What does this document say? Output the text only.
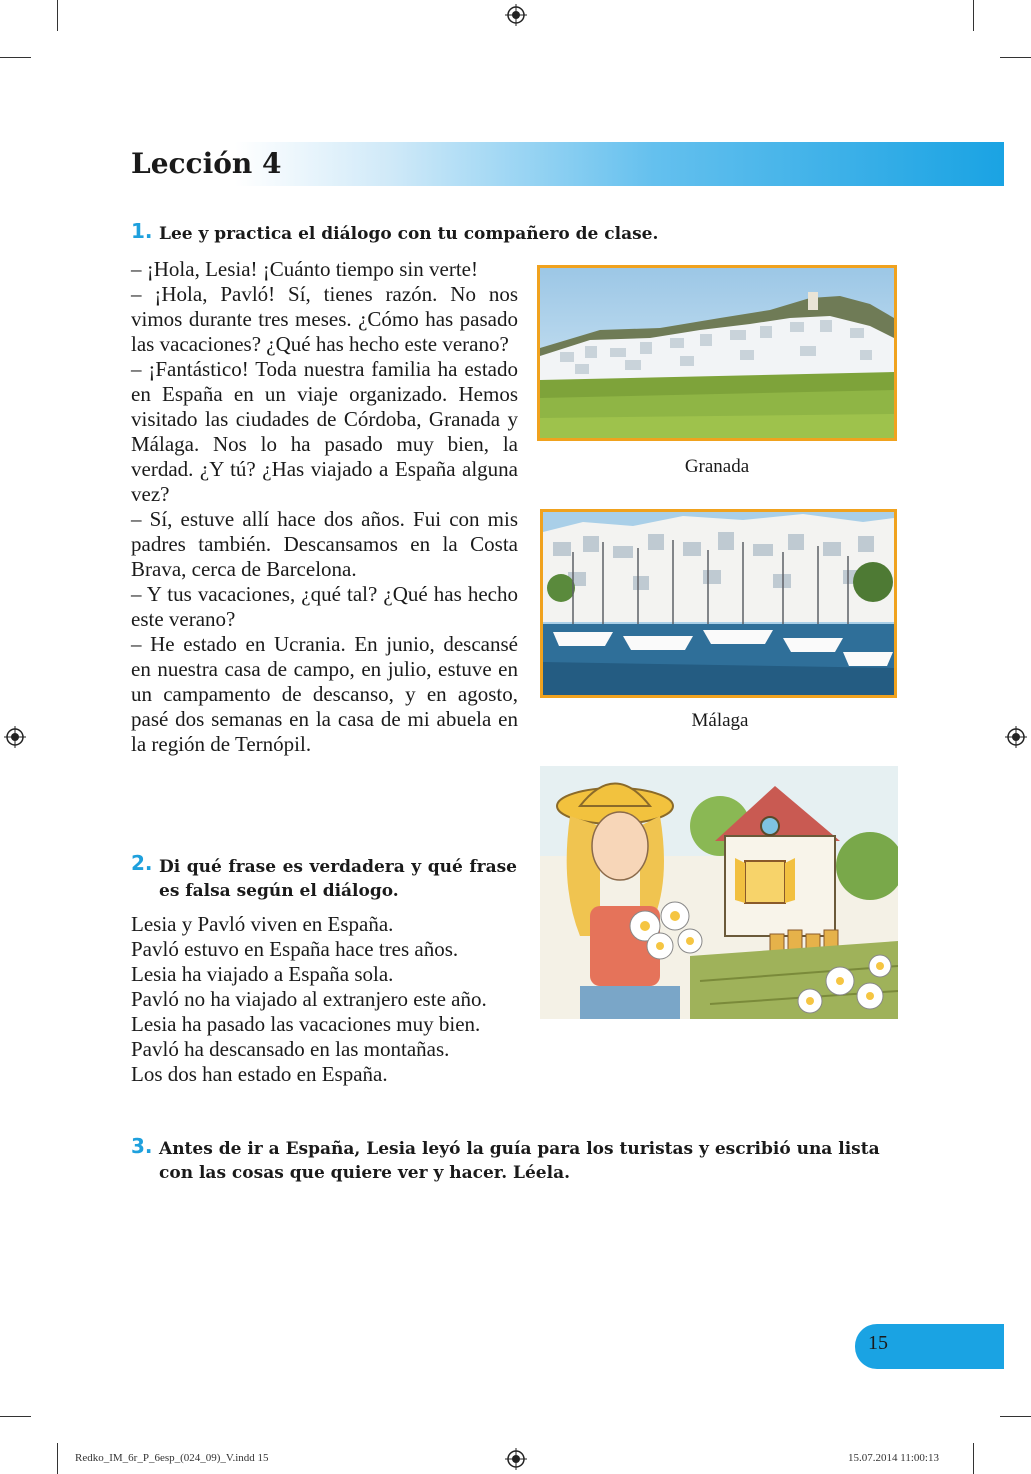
Lección 4
1. Lee y practica el diálogo con tu compañero de clase.

– ¡Hola, Lesia! ¡Cuánto tiempo sin verte!

– ¡Hola, Pavló! Sí, tienes razón. No nos vimos durante tres meses. ¿Cómo has pasado las vacaciones? ¿Qué has hecho este verano?

– ¡Fantástico! Toda nuestra familia ha estado en España en un viaje organizado. Hemos visitado las ciudades de Córdoba, Granada y Málaga. Nos lo ha pasado muy bien, la verdad. ¿Y tú? ¿Has viajado a España alguna vez?

– Sí, estuve allí hace dos años. Fui con mis padres también. Descansamos en la Costa Brava, cerca de Barcelona.

– Y tus vacaciones, ¿qué tal? ¿Qué has hecho este verano?

– He estado en Ucrania. En junio, descansé en nuestra casa de campo, en julio, estuve en un campamento de descanso, y en agosto, pasé dos semanas en la casa de mi abuela en la región de Ternópil.

Granada
Málaga
2. Di qué frase es verdadera y qué frase es falsa según el diálogo.

Lesia y Pavló viven en España.

Pavló estuvo en España hace tres años.

Lesia ha viajado a España sola.

Pavló no ha viajado al extranjero este año.

Lesia ha pasado las vacaciones muy bien.

Pavló ha descansado en las montañas.

Los dos han estado en España.

3. Antes de ir a España, Lesia leyó la guía para los turistas y escribió una lista con las cosas que quiere ver y hacer. Léela.

15
Redko_IM_6r_P_6esp_(024_09)_V.indd 15	15.07.2014 11:00:13
